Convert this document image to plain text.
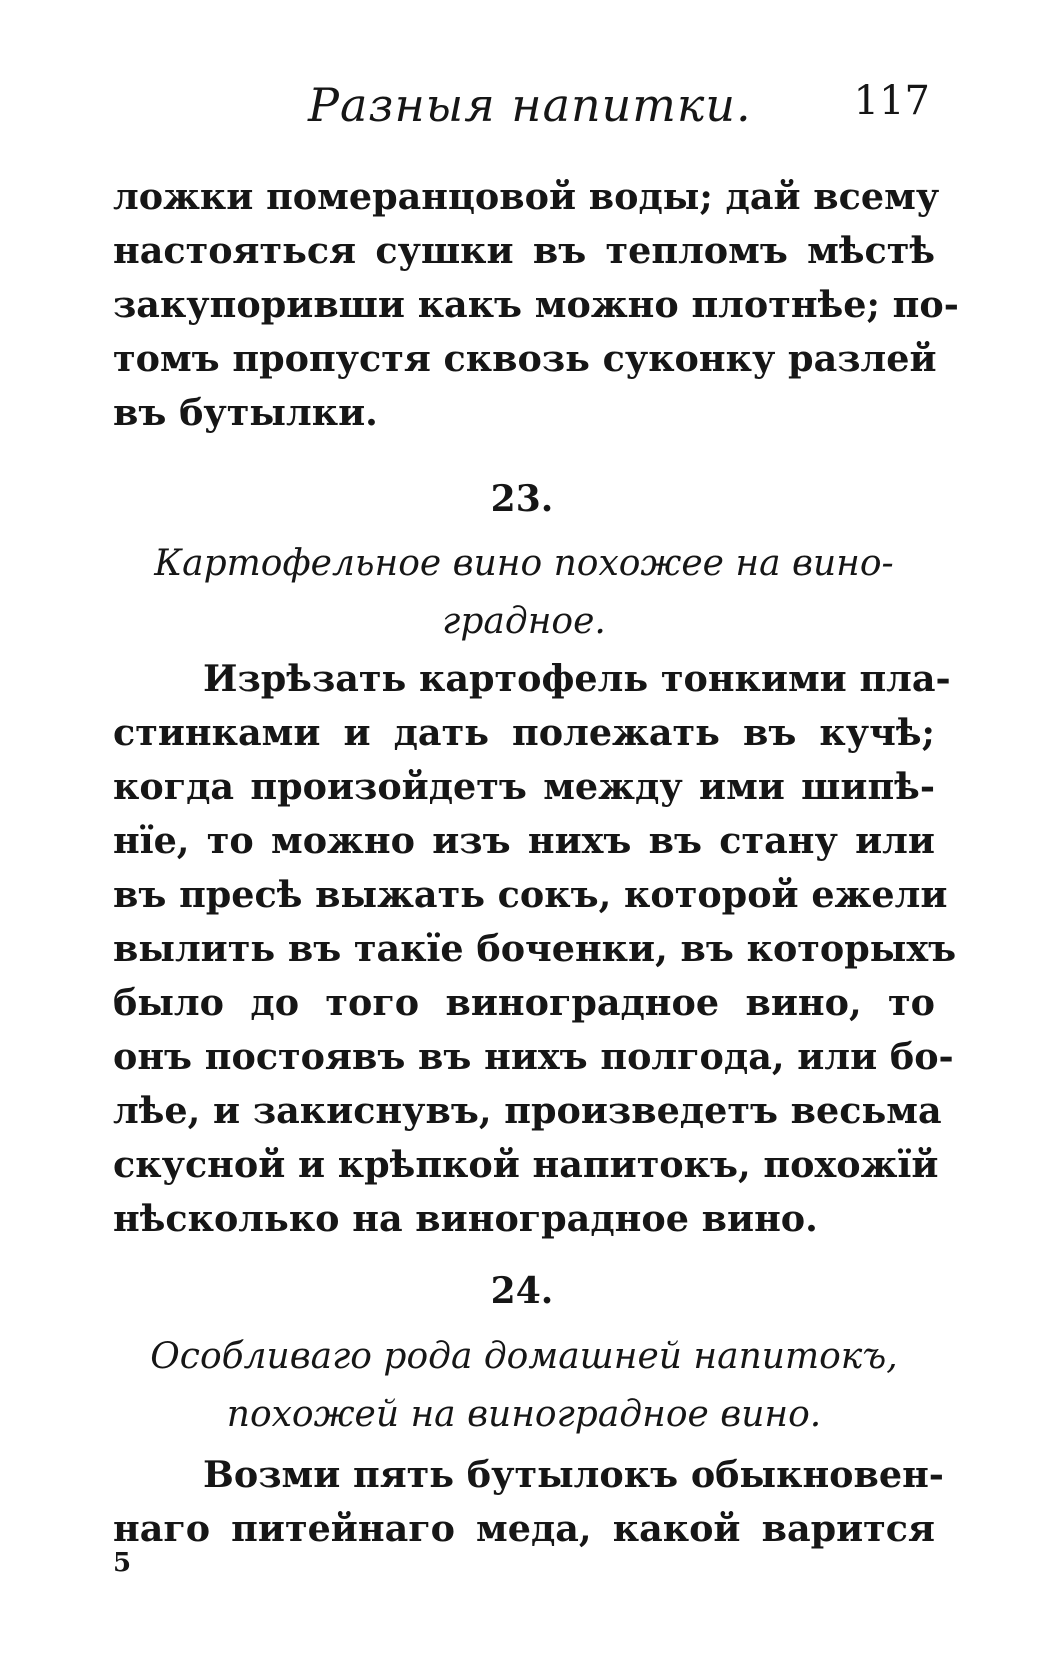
Разныя напитки.	117
ложки померанцовой воды; дай всему
настояться сушки въ тепломъ мѣстѣ
закупоривши какъ можно плотнѣе; по-
томъ пропустя сквозь суконку разлей
въ бутылки.
23.
Картофельное вино похожее на вино-
градное.
Изрѣзать картофель тонкими пла-
стинками и дать полежать въ кучѣ;
когда произойдетъ между ими шипѣ-
нїе, то можно изъ нихъ въ стану или
въ пресѣ выжать сокъ, которой ежели
вылить въ такїе боченки, въ которыхъ
было до того виноградное вино, то
онъ постоявъ въ нихъ полгода, или бо-
лѣе, и закиснувъ, произведетъ весьма
скусной и крѣпкой напитокъ, похожїй
нѣсколько на виноградное вино.
24.
Особливаго рода домашней напитокъ,
похожей на виноградное вино.
Возми пять бутылокъ обыкновен-
наго питейнаго меда, какой варится
5
